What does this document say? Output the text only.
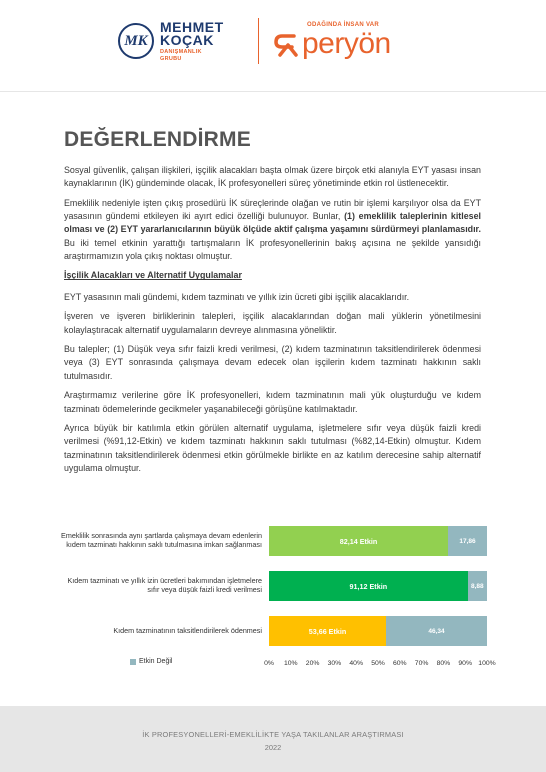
MK
MEHMET
KOÇAK
DANIŞMANLIK
GRUBU
ODAĞINDA İNSAN VAR
peryön
DEĞERLENDİRME

Sosyal güvenlik, çalışan ilişkileri, işçilik alacakları başta olmak üzere birçok etki alanıyla EYT yasası insan kaynaklarının (İK) gündeminde olacak, İK profesyonelleri süreç yönetiminde etkin rol üstlenecektir.

Emeklilik nedeniyle işten çıkış prosedürü İK süreçlerinde olağan ve rutin bir işlemi karşılıyor olsa da EYT yasasının gündemi etkileyen iki ayırt edici özelliği bulunuyor. Bunlar, (1) emeklilik taleplerinin kitlesel olması ve (2) EYT yararlanıcılarının büyük ölçüde aktif çalışma yaşamını sürdürmeyi planlamasıdır. Bu iki temel etkinin yarattığı tartışmaların İK profesyonellerinin bakış açısına ne şekilde yansıdığı araştırmamızın yola çıkış noktası olmuştur.

İşçilik Alacakları ve Alternatif Uygulamalar

EYT yasasının mali gündemi, kıdem tazminatı ve yıllık izin ücreti gibi işçilik alacaklarıdır.

İşveren ve işveren birliklerinin talepleri, işçilik alacaklarından doğan mali yüklerin yönetilmesini kolaylaştıracak alternatif uygulamaların devreye alınmasına yöneliktir.

Bu talepler; (1) Düşük veya sıfır faizli kredi verilmesi, (2) kıdem tazminatının taksitlendirilerek ödenmesi veya (3) EYT sonrasında çalışmaya devam edecek olan işçilerin kıdem tazminatı hakkının saklı tutulmasıdır.

Araştırmamız verilerine göre İK profesyonelleri, kıdem tazminatının mali yük oluşturduğu ve kıdem tazminatı ödemelerinde gecikmeler yaşanabileceği görüşüne katılmaktadır.

Ayrıca büyük bir katılımla etkin görülen alternatif uygulama, işletmelere sıfır veya düşük faizli kredi verilmesi (%91,12-Etkin) ve kıdem tazminatı hakkının saklı tutulması (%82,14-Etkin) olmuştur. Kıdem tazminatının taksitlendirilerek ödenmesi etkin görülmekle birlikte en az katılım derecesine sahip alternatif uygulama olmuştur.

Etkin Değil	0% 10% 20% 30% 40% 50% 60% 70% 80% 90% 100%
Emeklilik sonrasında aynı şartlarda çalışmaya devam edenlerin kıdem tazminatı hakkının saklı tutulmasına imkan sağlanması	82,14 Etkin	17,86
Kıdem tazminatı ve yıllık izin ücretleri bakımından işletmelere sıfır veya düşük faizli kredi verilmesi	91,12 Etkin	8,88
Kıdem tazminatının taksitlendirilerek ödenmesi	53,66 Etkin	46,34
İK PROFESYONELLERİ-EMEKLİLİKTE YAŞA TAKILANLAR ARAŞTIRMASI
2022
